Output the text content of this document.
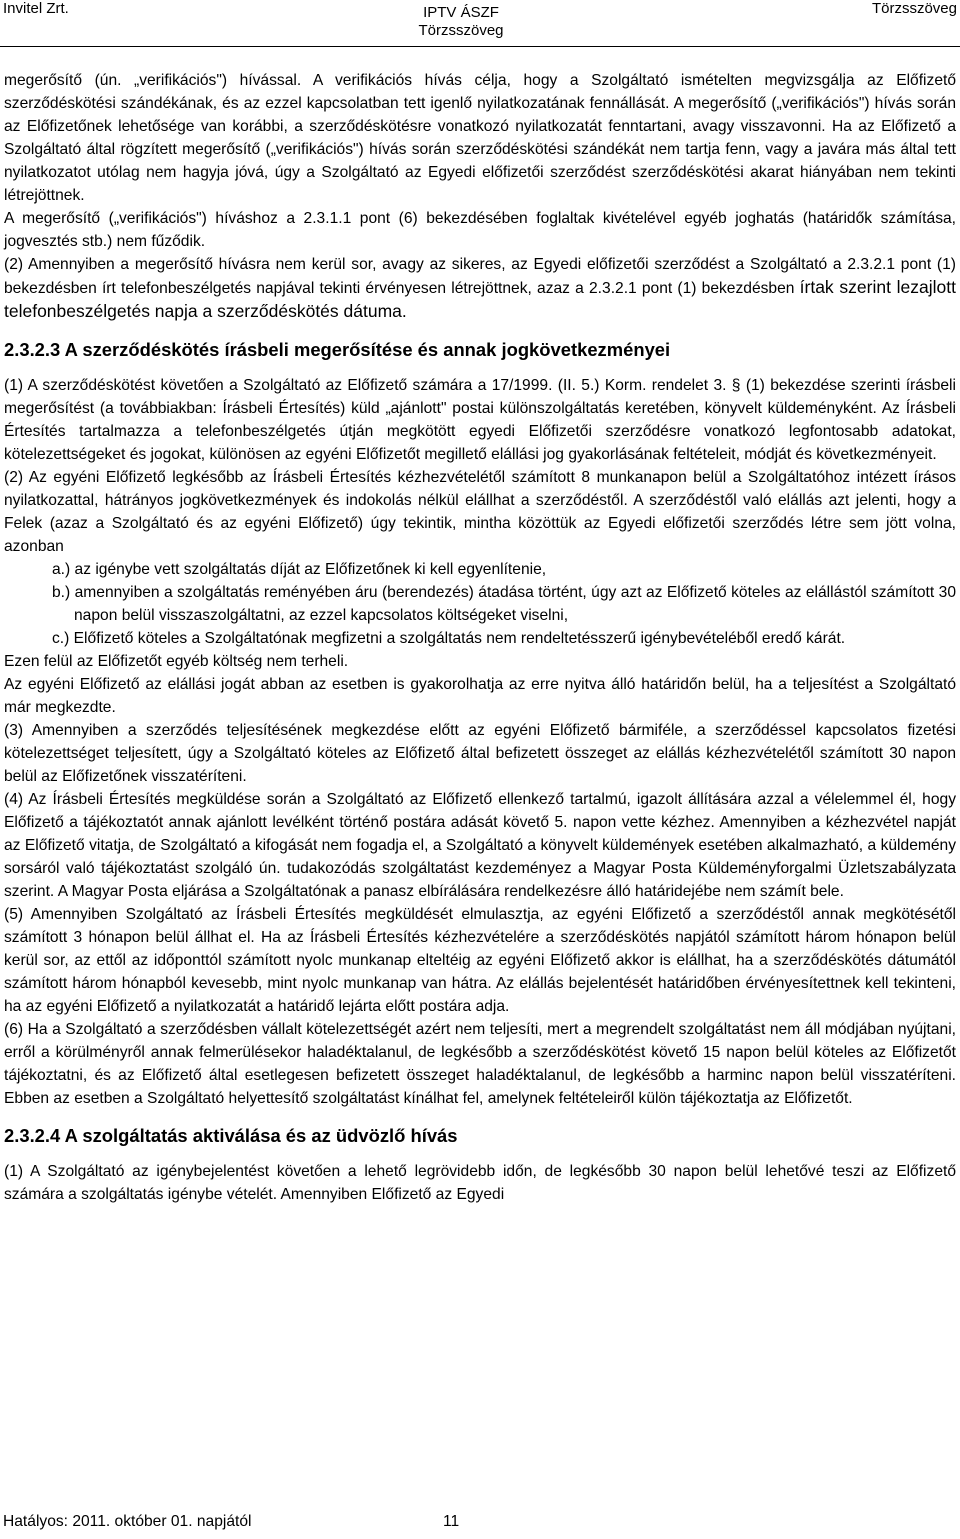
Invitel Zrt.	IPTV ÁSZF
Törzsszöveg
Törzsszöveg

megerősítő (ún. „verifikációs") hívással. A verifikációs hívás célja, hogy a Szolgáltató ismételten megvizsgálja az Előfizető szerződéskötési szándékának, és az ezzel kapcsolatban tett igenlő nyilatkozatának fennállását. A megerősítő („verifikációs") hívás során az Előfizetőnek lehetősége van korábbi, a szerződéskötésre vonatkozó nyilatkozatát fenntartani, avagy visszavonni. Ha az Előfizető a Szolgáltató által rögzített megerősítő („verifikációs") hívás során szerződéskötési szándékát nem tartja fenn, vagy a javára más által tett nyilatkozatot utólag nem hagyja jóvá, úgy a Szolgáltató az Egyedi előfizetői szerződést szerződéskötési akarat hiányában nem tekinti létrejöttnek.

A megerősítő („verifikációs") híváshoz a 2.3.1.1 pont (6) bekezdésében foglaltak kivételével egyéb joghatás (határidők számítása, jogvesztés stb.) nem fűződik.

(2) Amennyiben a megerősítő hívásra nem kerül sor, avagy az sikeres, az Egyedi előfizetői szerződést a Szolgáltató a 2.3.2.1 pont (1) bekezdésben írt telefonbeszélgetés napjával tekinti érvényesen létrejöttnek, azaz a 2.3.2.1 pont (1) bekezdésben írtak szerint lezajlott telefonbeszélgetés napja a szerződéskötés dátuma.

2.3.2.3 A szerződéskötés írásbeli megerősítése és annak jogkövetkezményei

(1) A szerződéskötést követően a Szolgáltató az Előfizető számára a 17/1999. (II. 5.) Korm. rendelet 3. § (1) bekezdése szerinti írásbeli megerősítést (a továbbiakban: Írásbeli Értesítés) küld „ajánlott" postai különszolgáltatás keretében, könyvelt küldeményként. Az Írásbeli Értesítés tartalmazza a telefonbeszélgetés útján megkötött egyedi Előfizetői szerződésre vonatkozó legfontosabb adatokat, kötelezettségeket és jogokat, különösen az egyéni Előfizetőt megillető elállási jog gyakorlásának feltételeit, módját és következményeit.

(2) Az egyéni Előfizető legkésőbb az Írásbeli Értesítés kézhezvételétől számított 8 munkanapon belül a Szolgáltatóhoz intézett írásos nyilatkozattal, hátrányos jogkövetkezmények és indokolás nélkül elállhat a szerződéstől. A szerződéstől való elállás azt jelenti, hogy a Felek (azaz a Szolgáltató és az egyéni Előfizető) úgy tekintik, mintha közöttük az Egyedi előfizetői szerződés létre sem jött volna, azonban

a.) az igénybe vett szolgáltatás díját az Előfizetőnek ki kell egyenlítenie,

b.) amennyiben a szolgáltatás reményében áru (berendezés) átadása történt, úgy azt az Előfizető köteles az elállástól számított 30 napon belül visszaszolgáltatni, az ezzel kapcsolatos költségeket viselni,

c.) Előfizető köteles a Szolgáltatónak megfizetni a szolgáltatás nem rendeltetésszerű igénybevételéből eredő kárát.

Ezen felül az Előfizetőt egyéb költség nem terheli.

Az egyéni Előfizető az elállási jogát abban az esetben is gyakorolhatja az erre nyitva álló határidőn belül, ha a teljesítést a Szolgáltató már megkezdte.

(3) Amennyiben a szerződés teljesítésének megkezdése előtt az egyéni Előfizető bármiféle, a szerződéssel kapcsolatos fizetési kötelezettséget teljesített, úgy a Szolgáltató köteles az Előfizető által befizetett összeget az elállás kézhezvételétől számított 30 napon belül az Előfizetőnek visszatéríteni.

(4) Az Írásbeli Értesítés megküldése során a Szolgáltató az Előfizető ellenkező tartalmú, igazolt állítására azzal a vélelemmel él, hogy Előfizető a tájékoztatót annak ajánlott levélként történő postára adását követő 5. napon vette kézhez. Amennyiben a kézhezvétel napját az Előfizető vitatja, de Szolgáltató a kifogását nem fogadja el, a Szolgáltató a könyvelt küldemények esetében alkalmazható, a küldemény sorsáról való tájékoztatást szolgáló ún. tudakozódás szolgáltatást kezdeményez a Magyar Posta Küldeményforgalmi Üzletszabályzata szerint. A Magyar Posta eljárása a Szolgáltatónak a panasz elbírálására rendelkezésre álló határidejébe nem számít bele.

(5) Amennyiben Szolgáltató az Írásbeli Értesítés megküldését elmulasztja, az egyéni Előfizető a szerződéstől annak megkötésétől számított 3 hónapon belül állhat el. Ha az Írásbeli Értesítés kézhezvételére a szerződéskötés napjától számított három hónapon belül kerül sor, az ettől az időponttól számított nyolc munkanap elteltéig az egyéni Előfizető akkor is elállhat, ha a szerződéskötés dátumától számított három hónapból kevesebb, mint nyolc munkanap van hátra. Az elállás bejelentését határidőben érvényesítettnek kell tekinteni, ha az egyéni Előfizető a nyilatkozatát a határidő lejárta előtt postára adja.

(6) Ha a Szolgáltató a szerződésben vállalt kötelezettségét azért nem teljesíti, mert a megrendelt szolgáltatást nem áll módjában nyújtani, erről a körülményről annak felmerülésekor haladéktalanul, de legkésőbb a szerződéskötést követő 15 napon belül köteles az Előfizetőt tájékoztatni, és az Előfizető által esetlegesen befizetett összeget haladéktalanul, de legkésőbb a harminc napon belül visszatéríteni. Ebben az esetben a Szolgáltató helyettesítő szolgáltatást kínálhat fel, amelynek feltételeiről külön tájékoztatja az Előfizetőt.

2.3.2.4 A szolgáltatás aktiválása és az üdvözlő hívás

(1) A Szolgáltató az igénybejelentést követően a lehető legrövidebb időn, de legkésőbb 30 napon belül lehetővé teszi az Előfizető számára a szolgáltatás igénybe vételét. Amennyiben Előfizető az Egyedi

Hatályos: 2011. október 01. napjától	11
